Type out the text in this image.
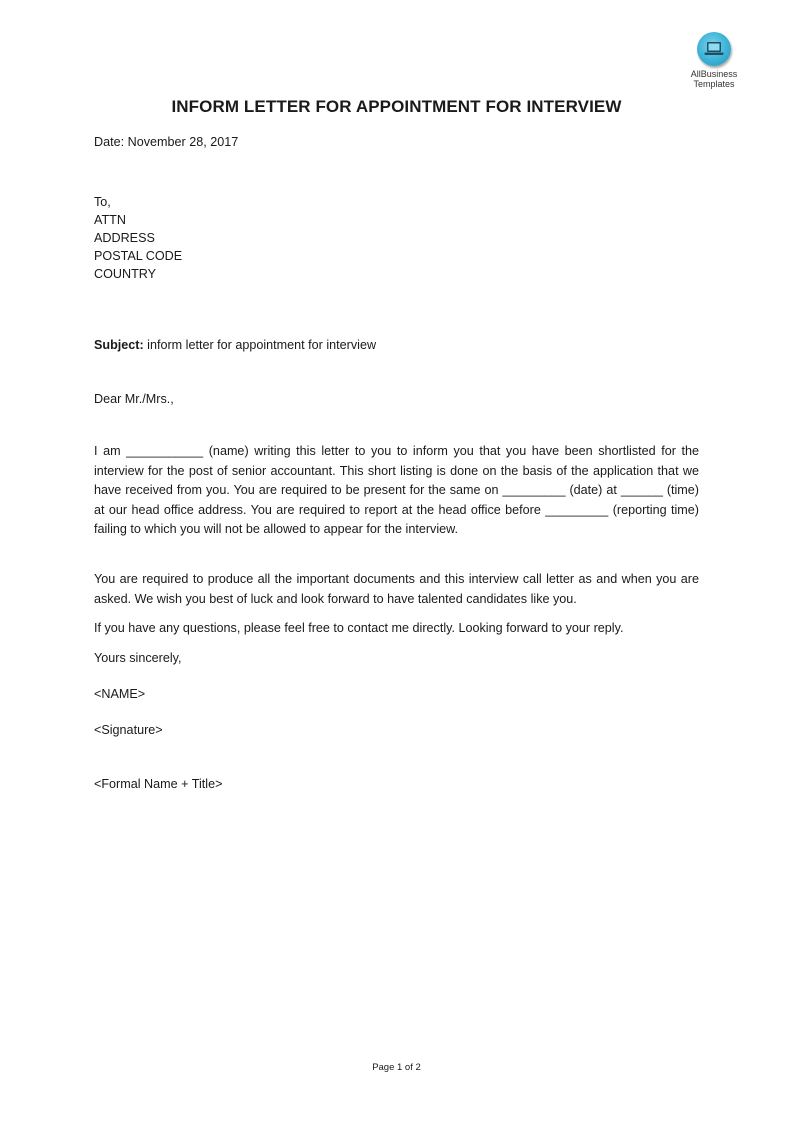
AllBusiness
Templates
INFORM LETTER FOR APPOINTMENT FOR INTERVIEW
Date: November 28, 2017
To,
ATTN
ADDRESS
POSTAL CODE
COUNTRY
Subject: inform letter for appointment for interview
Dear Mr./Mrs.,
I am ___________ (name) writing this letter to you to inform you that you have been shortlisted for the interview for the post of senior accountant. This short listing is done on the basis of the application that we have received from you. You are required to be present for the same on _________ (date) at ______ (time) at our head office address. You are required to report at the head office before _________ (reporting time) failing to which you will not be allowed to appear for the interview.
You are required to produce all the important documents and this interview call letter as and when you are asked. We wish you best of luck and look forward to have talented candidates like you.
If you have any questions, please feel free to contact me directly. Looking forward to your reply.
Yours sincerely,
<NAME>
<Signature>
<Formal Name + Title>
Page 1 of 2
